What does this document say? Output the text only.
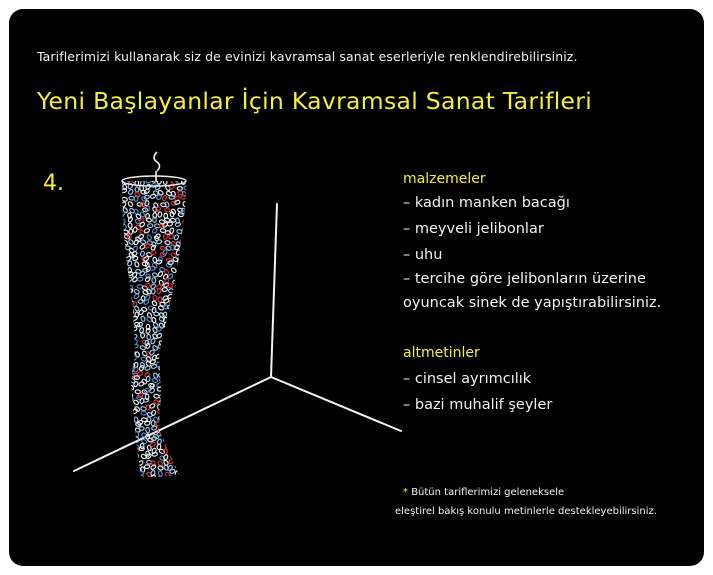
Tariflerimizi kullanarak siz de evinizi kavramsal sanat eserleriyle renklendirebilirsiniz.
Yeni Başlayanlar İçin Kavramsal Sanat Tarifleri
4.	malzemeler
– kadın manken bacağı
– meyveli jelibonlar
– uhu
– tercihe göre jelibonların üzerine
oyuncak sinek de yapıştırabilirsiniz.
altmetinler
– cinsel ayrımcılık
– bazi muhalif şeyler
* Bütün tariflerimizi geleneksele
eleştirel bakış konulu metinlerle destekleyebilirsiniz.
